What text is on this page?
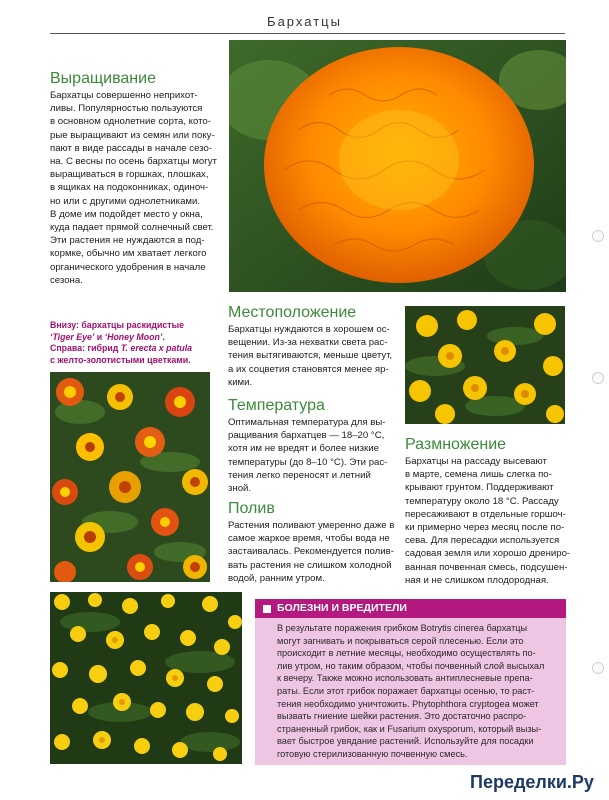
Бархатцы
Выращивание
Бархатцы совершенно неприхот-
ливы. Популярностью пользуются
в основном однолетние сорта, кото-
рые выращивают из семян или поку-
пают в виде рассады в начале сезо-
на. С весны по осень бархатцы могут
выращиваться в горшках, плошках,
в ящиках на подоконниках, одиноч-
но или с другими однолетниками.
В доме им подойдет место у окна,
куда падает прямой солнечный свет.
Эти растения не нуждаются в под-
кормке, обычно им хватает легкого
органического удобрения в начале
сезона.
Внизу: бархатцы раскидистые
‘Tiger Eye’ и ‘Honey Moon’.
Справа: гибрид T. erecta x patula
с желто-золотистыми цветками.
Местоположение
Бархатцы нуждаются в хорошем ос-
вещении. Из-за нехватки света рас-
тения вытягиваются, меньше цветут,
а их соцветия становятся менее яр-
кими.
Температура
Оптимальная температура для вы-
ращивания бархатцев — 18–20 °С,
хотя им не вредят и более низкие
температуры (до 8–10 °С). Эти рас-
тения легко переносят и летний
зной.
Полив
Растения поливают умеренно даже в
самое жаркое время, чтобы вода не
застаивалась. Рекомендуется полив-
вать растения не слишком холодной
водой, ранним утром.
Размножение
Бархатцы на рассаду высевают
в марте, семена лишь слегка по-
крывают грунтом. Поддерживают
температуру около 18 °С. Рассаду
пересаживают в отдельные горшоч-
ки примерно через месяц после по-
сева. Для пересадки используется
садовая земля или хорошо дрениро-
ванная почвенная смесь, подсушен-
ная и не слишком плодородная.
БОЛЕЗНИ И ВРЕДИТЕЛИ
В результате поражения грибком Botrytis cinerea бархатцы
могут загнивать и покрываться серой плесенью. Если это
происходит в летние месяцы, необходимо осуществлять по-
лив утром, но таким образом, чтобы почвенный слой высыхал
к вечеру. Также можно использовать антиплесневые препа-
раты. Если этот грибок поражает бархатцы осенью, то раст-
тения необходимо уничтожить. Phytophthora cryptogea может
вызвать гниение шейки растения. Это достаточно распро-
страненный грибок, как и Fusarium oxysporum, который вызы-
вает быстрое увядание растений. Используйте для посадки
готовую стерилизованную почвенную смесь.
Переделки.Ру
